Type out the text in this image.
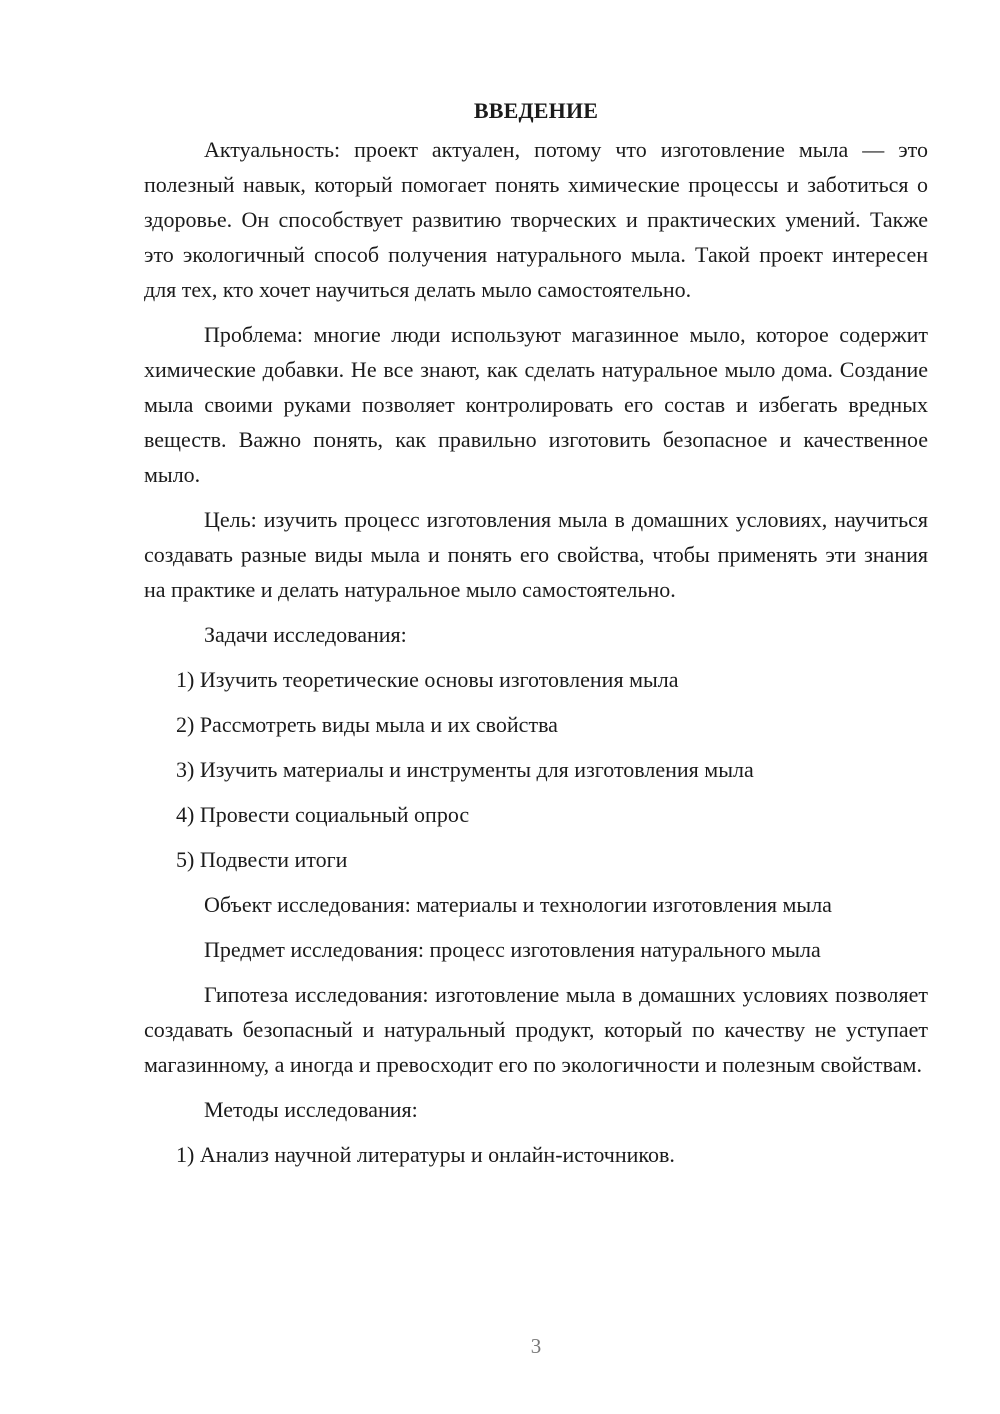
ВВЕДЕНИЕ

Актуальность: проект актуален, потому что изготовление мыла — это полезный навык, который помогает понять химические процессы и заботиться о здоровье. Он способствует развитию творческих и практических умений. Также это экологичный способ получения натурального мыла. Такой проект интересен для тех, кто хочет научиться делать мыло самостоятельно.

Проблема: многие люди используют магазинное мыло, которое содержит химические добавки. Не все знают, как сделать натуральное мыло дома. Создание мыла своими руками позволяет контролировать его состав и избегать вредных веществ. Важно понять, как правильно изготовить безопасное и качественное мыло.

Цель: изучить процесс изготовления мыла в домашних условиях, научиться создавать разные виды мыла и понять его свойства, чтобы применять эти знания на практике и делать натуральное мыло самостоятельно.

Задачи исследования:
1) Изучить теоретические основы изготовления мыла
2) Рассмотреть виды мыла и их свойства
3) Изучить материалы и инструменты для изготовления мыла
4) Провести социальный опрос
5) Подвести итоги
Объект исследования: материалы и технологии изготовления мыла
Предмет исследования: процесс изготовления натурального мыла

Гипотеза исследования: изготовление мыла в домашних условиях позволяет создавать безопасный и натуральный продукт, который по качеству не уступает магазинному, а иногда и превосходит его по экологичности и полезным свойствам.

Методы исследования:
1) Анализ научной литературы и онлайн-источников.
3
